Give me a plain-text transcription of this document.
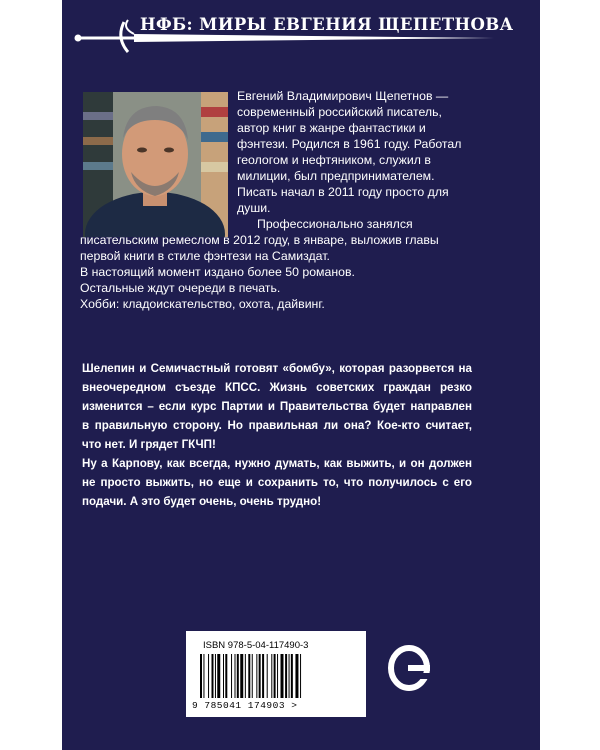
НФБ: МИРЫ ЕВГЕНИЯ ЩЕПЕТНОВА
Евгений Владимирович Щепетнов —
современный российский писатель,
автор книг в жанре фантастики и
фэнтези. Родился в 1961 году. Работал
геологом и нефтяником, служил в
милиции, был предпринимателем.
Писать начал в 2011 году просто для
души.
Профессионально занялся
писательским ремеслом в 2012 году, в январе, выложив главы
первой книги в стиле фэнтези на Самиздат.
В настоящий момент издано более 50 романов.
Остальные ждут очереди в печать.
Хобби: кладоискательство, охота, дайвинг.
Шелепин и Семичастный готовят «бомбу», которая разорвется на
внеочередном съезде КПСС. Жизнь советских граждан резко
изменится – если курс Партии и Правительства будет направлен
в правильную сторону. Но правильная ли она? Кое-кто считает,
что нет. И грядет ГКЧП!
Ну а Карпову, как всегда, нужно думать, как выжить, и он должен
не просто выжить, но еще и сохранить то, что получилось с его
подачи. А это будет очень, очень трудно!
ISBN 978-5-04-117490-3
9 785041 174903 >
